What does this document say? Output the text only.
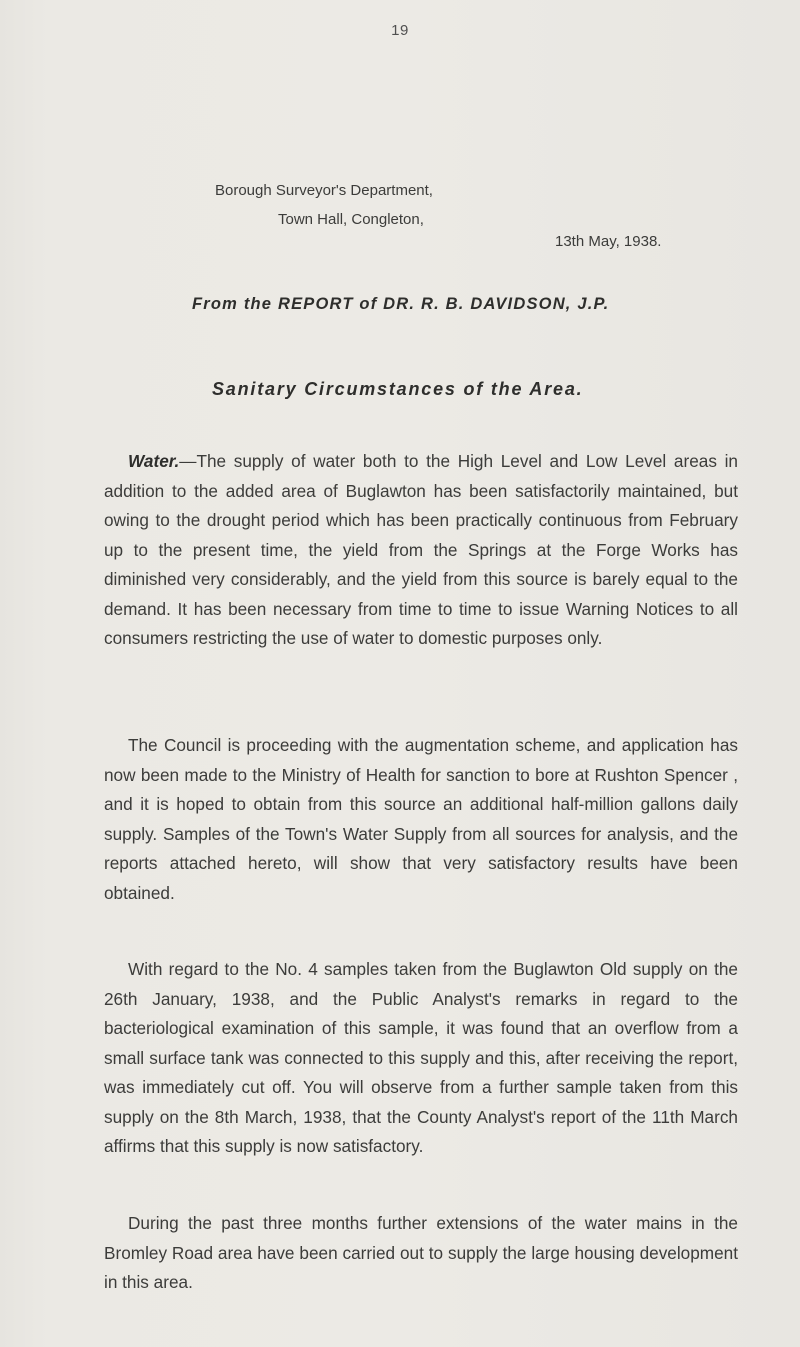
19
Borough Surveyor's Department,
Town Hall, Congleton,
13th May, 1938.
From the REPORT of DR. R. B. DAVIDSON, J.P.
Sanitary Circumstances of the Area.

Water.—The supply of water both to the High Level and Low Level areas in addition to the added area of Buglawton has been satisfactorily maintained, but owing to the drought period which has been practically continuous from February up to the present time, the yield from the Springs at the Forge Works has diminished very considerably, and the yield from this source is barely equal to the demand. It has been necessary from time to time to issue Warning Notices to all consumers restricting the use of water to domestic purposes only.

The Council is proceeding with the augmentation scheme, and application has now been made to the Ministry of Health for sanction to bore at Rushton Spencer , and it is hoped to obtain from this source an additional half-million gallons daily supply. Samples of the Town's Water Supply from all sources for analysis, and the reports attached hereto, will show that very satisfactory results have been obtained.

With regard to the No. 4 samples taken from the Buglawton Old supply on the 26th January, 1938, and the Public Analyst's remarks in regard to the bacteriological examination of this sample, it was found that an overflow from a small surface tank was connected to this supply and this, after receiving the report, was immediately cut off. You will observe from a further sample taken from this supply on the 8th March, 1938, that the County Analyst's report of the 11th March affirms that this supply is now satisfactory.

During the past three months further extensions of the water mains in the Bromley Road area have been carried out to supply the large housing development in this area.
